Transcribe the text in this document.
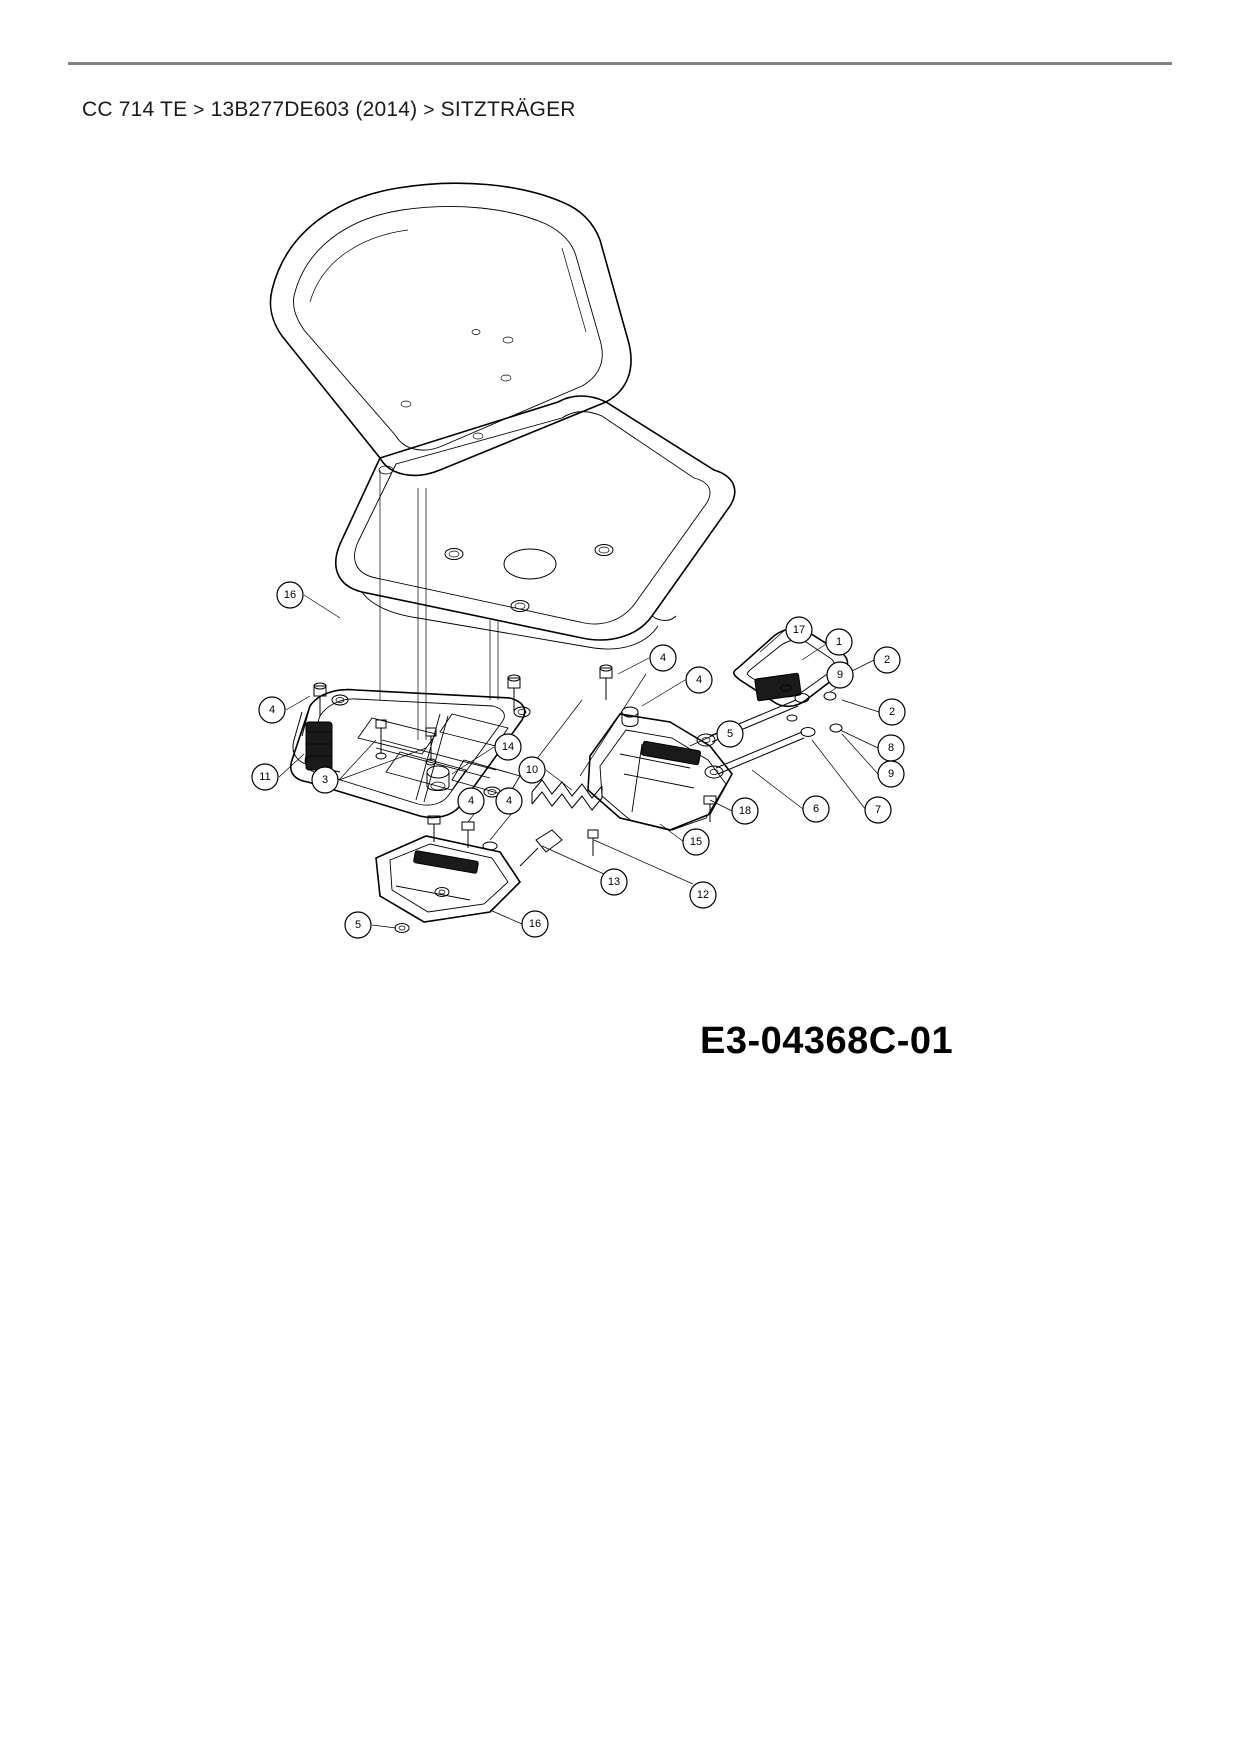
CC 714 TE > 13B277DE603 (2014) > SITZTRÄGER
16
4
11	3
14
10
4
4
5
17
1
2
9
2
8
9
7
6
18
15
12
13
4	4
5	16
E3-04368C-01
